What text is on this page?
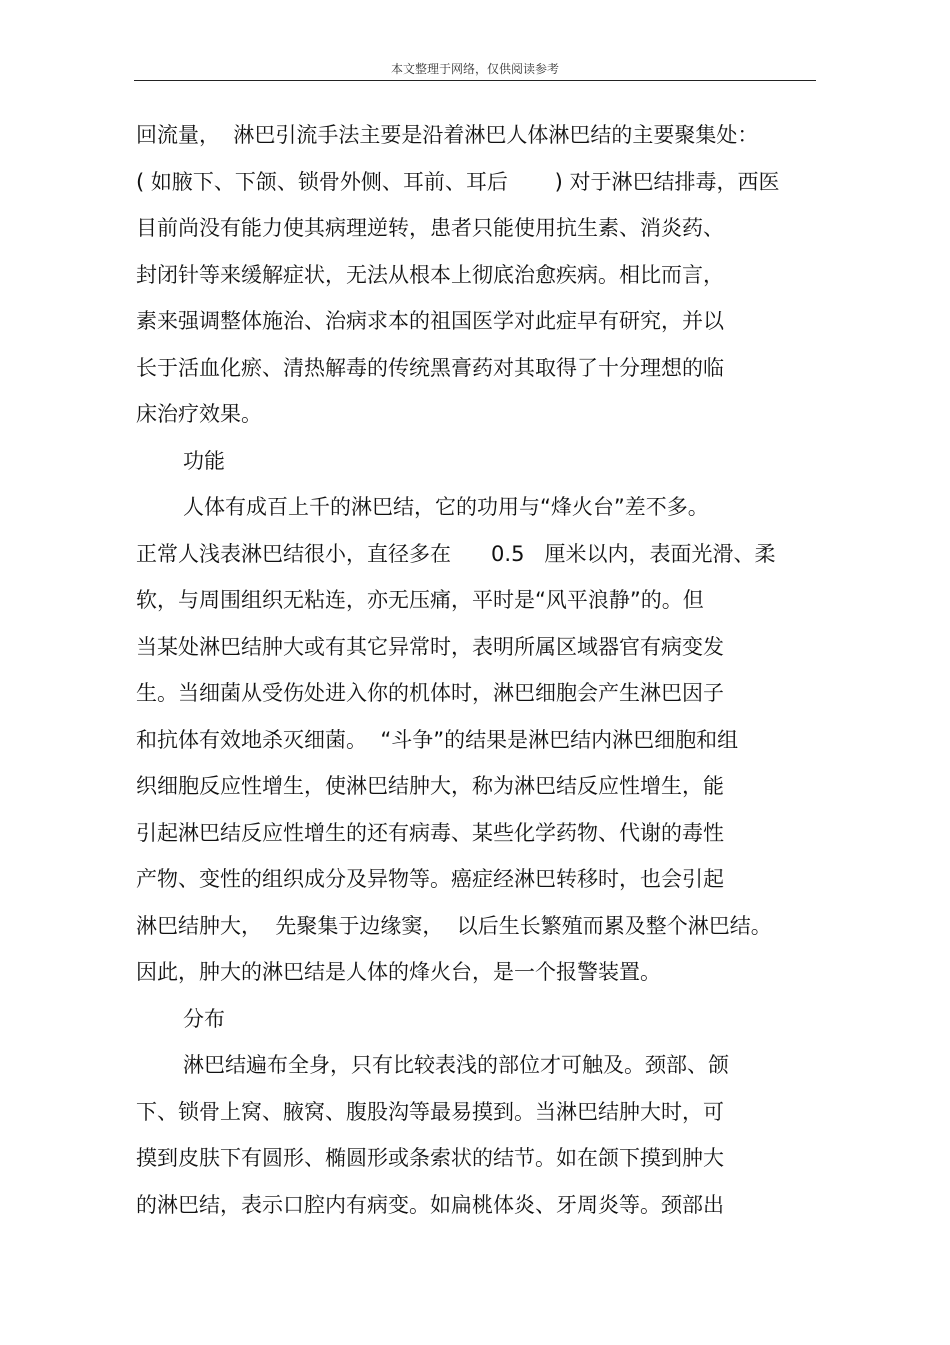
本文整理于网络，仅供阅读参考
回流量，  淋巴引流手法主要是沿着淋巴人体淋巴结的主要聚集处：
( 如腋下、下颌、锁骨外侧、耳前、耳后       ) 对于淋巴结排毒，西医
目前尚没有能力使其病理逆转，患者只能使用抗生素、消炎药、
封闭针等来缓解症状，无法从根本上彻底治愈疾病。相比而言，
素来强调整体施治、治病求本的祖国医学对此症早有研究，并以
长于活血化瘀、清热解毒的传统黑膏药对其取得了十分理想的临
床治疗效果。
功能
人体有成百上千的淋巴结，它的功用与“烽火台”差不多。
正常人浅表淋巴结很小，直径多在      0.5   厘米以内，表面光滑、柔
软，与周围组织无粘连，亦无压痛，平时是“风平浪静”的。但
当某处淋巴结肿大或有其它异常时，表明所属区域器官有病变发
生。当细菌从受伤处进入你的机体时，淋巴细胞会产生淋巴因子
和抗体有效地杀灭细菌。  “斗争”的结果是淋巴结内淋巴细胞和组
织细胞反应性增生，使淋巴结肿大，称为淋巴结反应性增生，能
引起淋巴结反应性增生的还有病毒、某些化学药物、代谢的毒性
产物、变性的组织成分及异物等。癌症经淋巴转移时，也会引起
淋巴结肿大，  先聚集于边缘窦，  以后生长繁殖而累及整个淋巴结。
因此，肿大的淋巴结是人体的烽火台，是一个报警装置。
分布
淋巴结遍布全身，只有比较表浅的部位才可触及。颈部、颌
下、锁骨上窝、腋窝、腹股沟等最易摸到。当淋巴结肿大时，可
摸到皮肤下有圆形、椭圆形或条索状的结节。如在颌下摸到肿大
的淋巴结，表示口腔内有病变。如扁桃体炎、牙周炎等。颈部出
